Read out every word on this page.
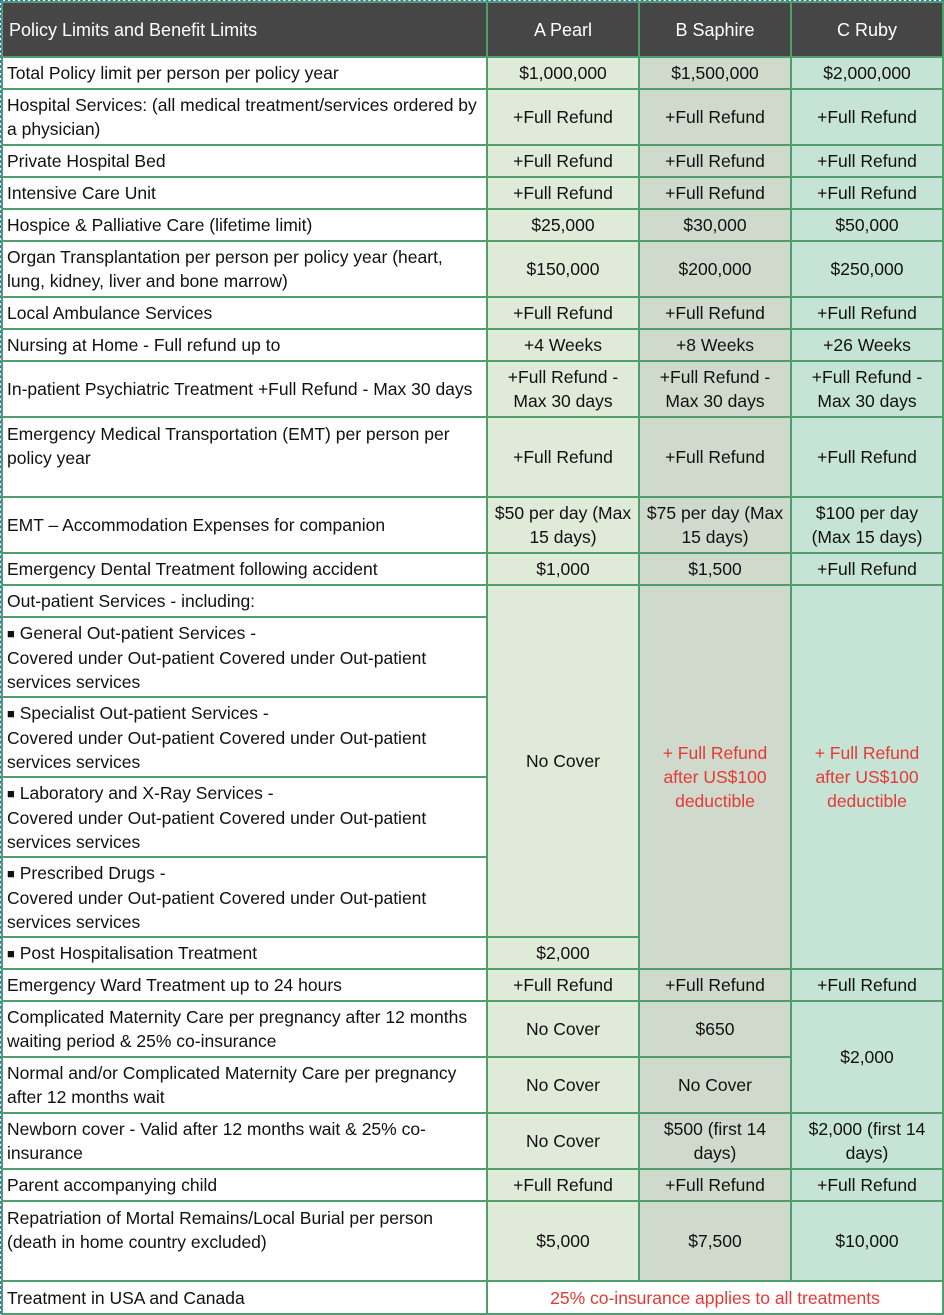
Policy Limits and Benefit Limits	A Pearl	B Saphire	C Ruby
Total Policy limit per person per policy year	$1,000,000	$1,500,000	$2,000,000
Hospital Services: (all medical treatment/services ordered by a physician)	+Full Refund	+Full Refund	+Full Refund
Private Hospital Bed	+Full Refund	+Full Refund	+Full Refund
Intensive Care Unit	+Full Refund	+Full Refund	+Full Refund
Hospice & Palliative Care (lifetime limit)	$25,000	$30,000	$50,000
Organ Transplantation per person per policy year (heart, lung, kidney, liver and bone marrow)	$150,000	$200,000	$250,000
Local Ambulance Services	+Full Refund	+Full Refund	+Full Refund
Nursing at Home - Full refund up to	+4 Weeks	+8 Weeks	+26 Weeks
In-patient Psychiatric Treatment +Full Refund - Max 30 days	+Full Refund - Max 30 days	+Full Refund - Max 30 days	+Full Refund - Max 30 days
Emergency Medical Transportation (EMT) per person per policy year	+Full Refund	+Full Refund	+Full Refund
EMT – Accommodation Expenses for companion	$50 per day (Max 15 days)	$75 per day (Max 15 days)	$100 per day (Max 15 days)
Emergency Dental Treatment following accident	$1,000	$1,500	+Full Refund
Out-patient Services - including:	No Cover	+ Full Refund after US$100 deductible	+ Full Refund after US$100 deductible
■ General Out-patient Services -
Covered under Out-patient Covered under Out-patient services services			
■ Specialist Out-patient Services -
Covered under Out-patient Covered under Out-patient services services			
■ Laboratory and X-Ray Services -
Covered under Out-patient Covered under Out-patient services services			
■ Prescribed Drugs -
Covered under Out-patient Covered under Out-patient services services			
■ Post Hospitalisation Treatment	$2,000		
Emergency Ward Treatment up to 24 hours	+Full Refund	+Full Refund	+Full Refund
Complicated Maternity Care per pregnancy after 12 months waiting period & 25% co-insurance	No Cover	$650	$2,000
Normal and/or Complicated Maternity Care per pregnancy after 12 months wait	No Cover	No Cover	
Newborn cover - Valid after 12 months wait & 25% co-insurance	No Cover	$500 (first 14 days)	$2,000 (first 14 days)
Parent accompanying child	+Full Refund	+Full Refund	+Full Refund
Repatriation of Mortal Remains/Local Burial per person (death in home country excluded)	$5,000	$7,500	$10,000
Treatment in USA and Canada	25% co-insurance applies to all treatments		
